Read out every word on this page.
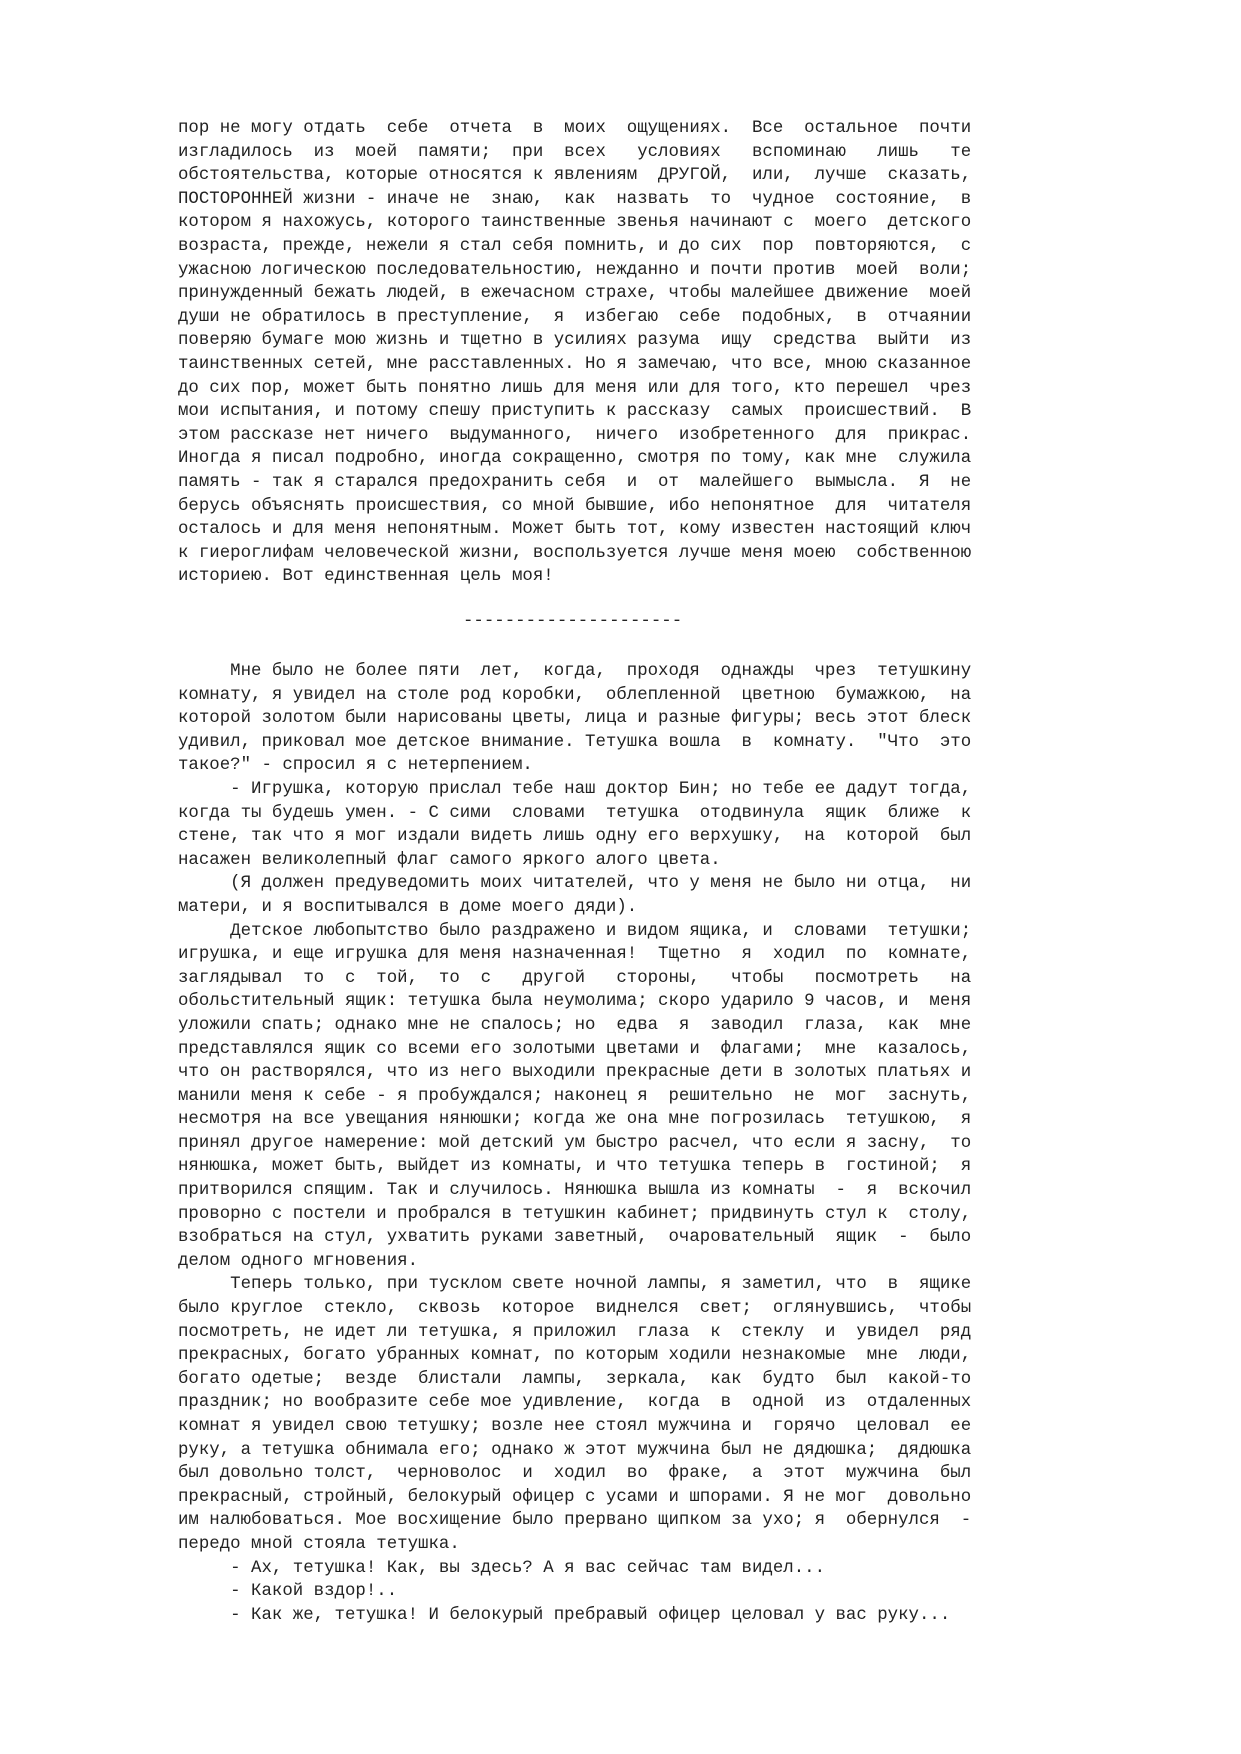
пор не могу отдать  себе  отчета  в  моих  ощущениях.  Все  остальное  почти
изгладилось  из  моей  памяти;  при  всех   условиях   вспоминаю   лишь   те
обстоятельства, которые относятся к явлениям  ДРУГОЙ,  или,  лучше  сказать,
ПОСТОРОННЕЙ жизни - иначе не  знаю,  как  назвать  то  чудное  состояние,  в
котором я нахожусь, которого таинственные звенья начинают с  моего  детского
возраста, прежде, нежели я стал себя помнить, и до сих  пор  повторяются,  с
ужасною логическою последовательностию, нежданно и почти против  моей  воли;
принужденный бежать людей, в ежечасном страхе, чтобы малейшее движение  моей
души не обратилось в преступление,  я  избегаю  себе  подобных,  в  отчаянии
поверяю бумаге мою жизнь и тщетно в усилиях разума  ищу  средства  выйти  из
таинственных сетей, мне расставленных. Но я замечаю, что все, мною сказанное
до сих пор, может быть понятно лишь для меня или для того, кто перешел  чрез
мои испытания, и потому спешу приступить к рассказу  самых  происшествий.  В
этом рассказе нет ничего  выдуманного,  ничего  изобретенного  для  прикрас.
Иногда я писал подробно, иногда сокращенно, смотря по тому, как мне  служила
память - так я старался предохранить себя  и  от  малейшего  вымысла.  Я  не
берусь объяснять происшествия, со мной бывшие, ибо непонятное  для  читателя
осталось и для меня непонятным. Может быть тот, кому известен настоящий ключ
к гиероглифам человеческой жизни, воспользуется лучше меня моею  собственною
историею. Вот единственная цель моя!
---------------------
Мне было не более пяти  лет,  когда,  проходя  однажды  чрез  тетушкину
комнату, я увидел на столе род коробки,  облепленной  цветною  бумажкою,  на
которой золотом были нарисованы цветы, лица и разные фигуры; весь этот блеск
удивил, приковал мое детское внимание. Тетушка вошла  в  комнату.  "Что  это
такое?" - спросил я с нетерпением.
- Игрушка, которую прислал тебе наш доктор Бин; но тебе ее дадут тогда,
когда ты будешь умен. - С сими  словами  тетушка  отодвинула  ящик  ближе  к
стене, так что я мог издали видеть лишь одну его верхушку,  на  которой  был
насажен великолепный флаг самого яркого алого цвета.
(Я должен предуведомить моих читателей, что у меня не было ни отца,  ни
матери, и я воспитывался в доме моего дяди).
Детское любопытство было раздражено и видом ящика, и  словами  тетушки;
игрушка, и еще игрушка для меня назначенная!  Тщетно  я  ходил  по  комнате,
заглядывал  то  с  той,  то  с   другой   стороны,   чтобы   посмотреть   на
обольстительный ящик: тетушка была неумолима; скоро ударило 9 часов, и  меня
уложили спать; однако мне не спалось; но  едва  я  заводил  глаза,  как  мне
представлялся ящик со всеми его золотыми цветами и  флагами;  мне  казалось,
что он растворялся, что из него выходили прекрасные дети в золотых платьях и
манили меня к себе - я пробуждался; наконец я  решительно  не  мог  заснуть,
несмотря на все увещания нянюшки; когда же она мне погрозилась  тетушкою,  я
принял другое намерение: мой детский ум быстро расчел, что если я засну,  то
нянюшка, может быть, выйдет из комнаты, и что тетушка теперь в  гостиной;  я
притворился спящим. Так и случилось. Нянюшка вышла из комнаты  -  я  вскочил
проворно с постели и пробрался в тетушкин кабинет; придвинуть стул к  столу,
взобраться на стул, ухватить руками заветный,  очаровательный  ящик  -  было
делом одного мгновения.
Теперь только, при тусклом свете ночной лампы, я заметил, что  в  ящике
было круглое  стекло,  сквозь  которое  виднелся  свет;  оглянувшись,  чтобы
посмотреть, не идет ли тетушка, я приложил  глаза  к  стеклу  и  увидел  ряд
прекрасных, богато убранных комнат, по которым ходили незнакомые  мне  люди,
богато одетые;  везде  блистали  лампы,  зеркала,  как  будто  был  какой-то
праздник; но вообразите себе мое удивление,  когда  в  одной  из  отдаленных
комнат я увидел свою тетушку; возле нее стоял мужчина и  горячо  целовал  ее
руку, а тетушка обнимала его; однако ж этот мужчина был не дядюшка;  дядюшка
был довольно толст,  черноволос  и  ходил  во  фраке,  а  этот  мужчина  был
прекрасный, стройный, белокурый офицер с усами и шпорами. Я не мог  довольно
им налюбоваться. Мое восхищение было прервано щипком за ухо; я  обернулся  -
передо мной стояла тетушка.
- Ах, тетушка! Как, вы здесь? А я вас сейчас там видел...
- Какой вздор!..
- Как же, тетушка! И белокурый пребравый офицер целовал у вас руку...
